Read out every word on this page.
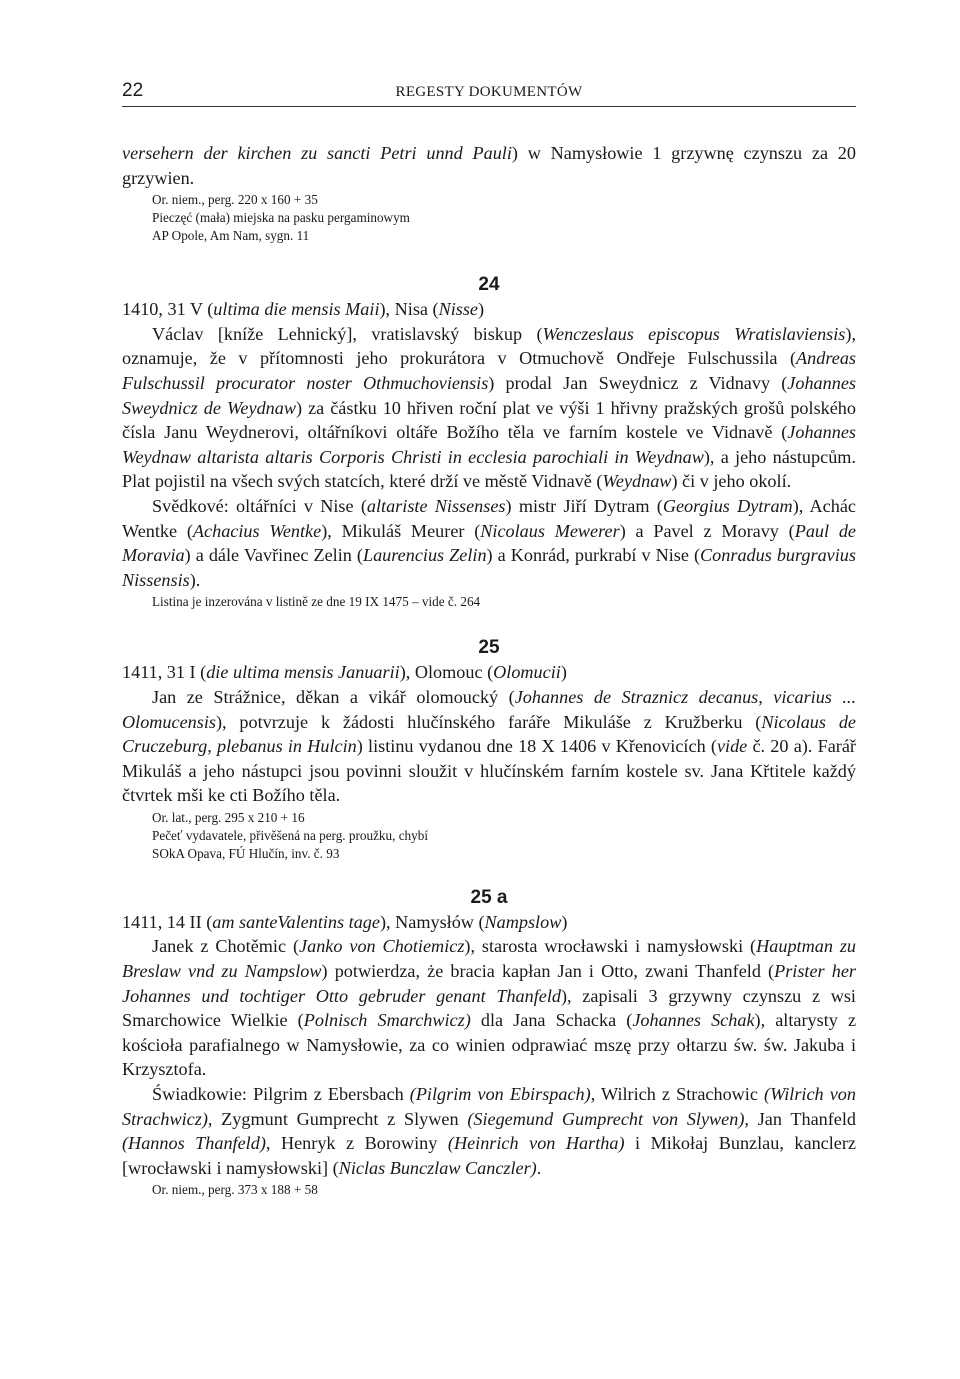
22	REGESTY DOKUMENTÓW

versehern der kirchen zu sancti Petri unnd Pauli) w Namysłowie 1 grzywnę czynszu za 20 grzywien.

Or. niem., perg. 220 x 160 + 35
Pieczęć (mała) miejska na pasku pergaminowym
AP Opole, Am Nam, sygn. 11
24

1410, 31 V (ultima die mensis Maii), Nisa (Nisse)

Václav [kníže Lehnický], vratislavský biskup (Wenczeslaus episcopus Wratislaviensis), oznamuje, že v přítomnosti jeho prokurátora v Otmuchově Ondřeje Fulschussila (Andreas Fulschussil procurator noster Othmuchoviensis) prodal Jan Sweydnicz z Vidnavy (Johannes Sweydnicz de Weydnaw) za částku 10 hřiven roční plat ve výši 1 hřivny pražských grošů polského čísla Janu Weydnerovi, oltářníkovi oltáře Božího těla ve farním kostele ve Vidnavě (Johannes Weydnaw altarista altaris Corporis Christi in ecclesia parochiali in Weydnaw), a jeho nástupcům. Plat pojistil na všech svých statcích, které drží ve městě Vidnavě (Weydnaw) či v jeho okolí.

Svědkové: oltářníci v Nise (altariste Nissenses) mistr Jiří Dytram (Georgius Dytram), Achác Wentke (Achacius Wentke), Mikuláš Meurer (Nicolaus Mewerer) a Pavel z Moravy (Paul de Moravia) a dále Vavřinec Zelin (Laurencius Zelin) a Konrád, purkrabí v Nise (Conradus burgravius Nissensis).

Listina je inzerována v listině ze dne 19 IX 1475 – vide č. 264
25

1411, 31 I (die ultima mensis Januarii), Olomouc (Olomucii)

Jan ze Strážnice, děkan a vikář olomoucký (Johannes de Straznicz decanus, vicarius ... Olomucensis), potvrzuje k žádosti hlučínského faráře Mikuláše z Kružberku (Nicolaus de Cruczeburg, plebanus in Hulcin) listinu vydanou dne 18 X 1406 v Křenovicích (vide č. 20 a). Farář Mikuláš a jeho nástupci jsou povinni sloužit v hlučínském farním kostele sv. Jana Křtitele každý čtvrtek mši ke cti Božího těla.

Or. lat., perg. 295 x 210 + 16
Pečeť vydavatele, přivěšená na perg. proužku, chybí
SOkA Opava, FÚ Hlučín, inv. č. 93
25 a

1411, 14 II (am santeValentins tage), Namysłów (Nampslow)

Janek z Chotěmic (Janko von Chotiemicz), starosta wrocławski i namysłowski (Hauptman zu Breslaw vnd zu Nampslow) potwierdza, że bracia kapłan Jan i Otto, zwani Thanfeld (Prister her Johannes und tochtiger Otto gebruder genant Thanfeld), zapisali 3 grzywny czynszu z wsi Smarchowice Wielkie (Polnisch Smarchwicz) dla Jana Schacka (Johannes Schak), altarysty z kościoła parafialnego w Namysłowie, za co winien odprawiać mszę przy ołtarzu św. św. Jakuba i Krzysztofa.

Świadkowie: Pilgrim z Ebersbach (Pilgrim von Ebirspach), Wilrich z Strachowic (Wilrich von Strachwicz), Zygmunt Gumprecht z Slywen (Siegemund Gumprecht von Slywen), Jan Thanfeld (Hannos Thanfeld), Henryk z Borowiny (Heinrich von Hartha) i Mikołaj Bunzlau, kanclerz [wrocławski i namysłowski] (Niclas Bunczlaw Canczler).

Or. niem., perg. 373 x 188 + 58
